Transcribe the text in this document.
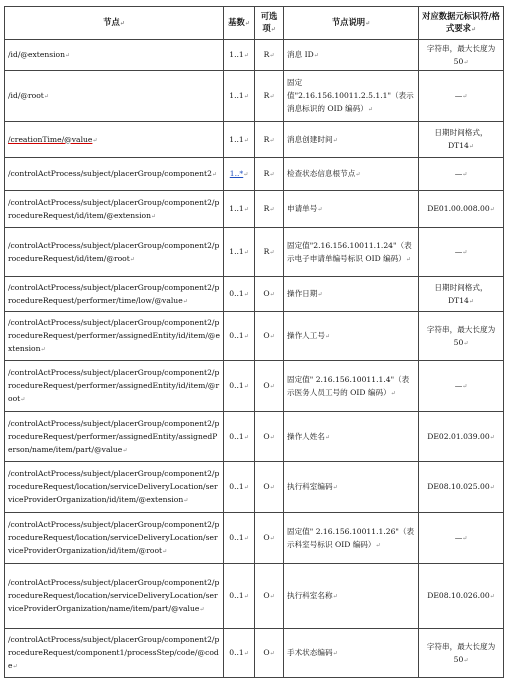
节点↵	基数↵	可选项↵	节点说明↵	对应数据元标识符/格式要求↵
/id/@extension↵	1..1↵	R↵	消息 ID↵	字符串，最大长度为 50↵
/id/@root↵	1..1↵	R↵	固定值"2.16.156.10011.2.5.1.1"（表示消息标识的 OID 编码）↵	—↵
/creationTime/@value↵	1..1↵	R↵	消息创建时间↵	日期时间格式，DT14↵
/controlActProcess/subject/placerGroup/component2↵	1..*↵	R↵	检查状态信息根节点↵	—↵
/controlActProcess/subject/placerGroup/component2/procedureRequest/id/item/@extension↵	1..1↵	R↵	申请单号↵	DE01.00.008.00↵
/controlActProcess/subject/placerGroup/component2/procedureRequest/id/item/@root↵	1..1↵	R↵	固定值"2.16.156.10011.1.24"（表示电子申请单编号标识 OID 编码）↵	—↵
/controlActProcess/subject/placerGroup/component2/procedureRequest/performer/time/low/@value↵	0..1↵	O↵	操作日期↵	日期时间格式，DT14↵
/controlActProcess/subject/placerGroup/component2/procedureRequest/performer/assignedEntity/id/item/@extension↵	0..1↵	O↵	操作人工号↵	字符串，最大长度为 50↵
/controlActProcess/subject/placerGroup/component2/procedureRequest/performer/assignedEntity/id/item/@root↵	0..1↵	O↵	固定值" 2.16.156.10011.1.4"（表示医务人员工号的 OID 编码）↵	—↵
/controlActProcess/subject/placerGroup/component2/procedureRequest/performer/assignedEntity/assignedPerson/name/item/part/@value↵	0..1↵	O↵	操作人姓名↵	DE02.01.039.00↵
/controlActProcess/subject/placerGroup/component2/procedureRequest/location/serviceDeliveryLocation/serviceProviderOrganization/id/item/@extension↵	0..1↵	O↵	执行科室编码↵	DE08.10.025.00↵
/controlActProcess/subject/placerGroup/component2/procedureRequest/location/serviceDeliveryLocation/serviceProviderOrganization/id/item/@root↵	0..1↵	O↵	固定值" 2.16.156.10011.1.26"（表示科室号标识 OID 编码）↵	—↵
/controlActProcess/subject/placerGroup/component2/procedureRequest/location/serviceDeliveryLocation/serviceProviderOrganization/name/item/part/@value↵	0..1↵	O↵	执行科室名称↵	DE08.10.026.00↵
/controlActProcess/subject/placerGroup/component2/procedureRequest/component1/processStep/code/@code↵	0..1↵	O↵	手术状态编码↵	字符串，最大长度为 50↵
